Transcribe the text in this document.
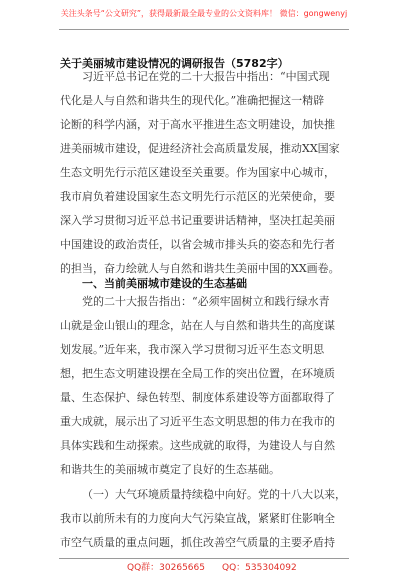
关注头条号“公文研究”，获得最新最全最专业的公文资料库！ 微信：gongwenyj
关于美丽城市建设情况的调研报告（5782字）
习近平总书记在党的二十大报告中指出：“中国式现
代化是人与自然和谐共生的现代化。”准确把握这一精辟
论断的科学内涵，对于高水平推进生态文明建设，加快推
进美丽城市建设，促进经济社会高质量发展，推动XX国家
生态文明先行示范区建设至关重要。作为国家中心城市，
我市肩负着建设国家生态文明先行示范区的光荣使命，要
深入学习贯彻习近平总书记重要讲话精神，坚决扛起美丽
中国建设的政治责任，以省会城市排头兵的姿态和先行者
的担当，奋力绘就人与自然和谐共生美丽中国的XX画卷。
一、当前美丽城市建设的生态基础
党的二十大报告指出：“必须牢固树立和践行绿水青
山就是金山银山的理念，站在人与自然和谐共生的高度谋
划发展。”近年来，我市深入学习贯彻习近平生态文明思
想，把生态文明建设摆在全局工作的突出位置，在环境质
量、生态保护、绿色转型、制度体系建设等方面都取得了
重大成就，展示出了习近平生态文明思想的伟力在我市的
具体实践和生动探索。这些成就的取得，为建设人与自然
和谐共生的美丽城市奠定了良好的生态基础。
（一）大气环境质量持续稳中向好。党的十八大以来，
我市以前所未有的力度向大气污染宣战，紧紧盯住影响全
市空气质量的重点问题，抓住改善空气质量的主要矛盾持
QQ群：30265665 QQ：535304092
